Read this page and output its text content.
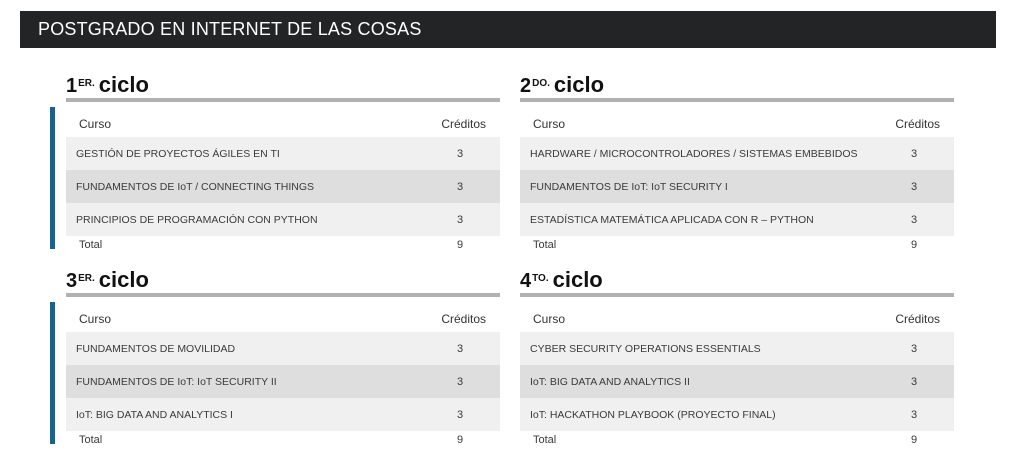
POSTGRADO EN INTERNET DE LAS COSAS
$1^{ER.}$ ciclo
Curso	Créditos
GESTIÓN DE PROYECTOS ÁGILES EN TI	3
FUNDAMENTOS DE IoT / CONNECTING THINGS	3
PRINCIPIOS DE PROGRAMACIÓN CON PYTHON	3
Total	9
$2^{DO.}$ ciclo
Curso	Créditos
HARDWARE / MICROCONTROLADORES / SISTEMAS EMBEBIDOS	3
FUNDAMENTOS DE IoT: IoT SECURITY I	3
ESTADÍSTICA MATEMÁTICA APLICADA CON R – PYTHON	3
Total	9
$3^{ER.}$ ciclo
Curso	Créditos
FUNDAMENTOS DE MOVILIDAD	3
FUNDAMENTOS DE IoT: IoT SECURITY II	3
IoT: BIG DATA AND ANALYTICS I	3
Total	9
$4^{TO.}$ ciclo
Curso	Créditos
CYBER SECURITY OPERATIONS ESSENTIALS	3
IoT: BIG DATA AND ANALYTICS II	3
IoT: HACKATHON PLAYBOOK (PROYECTO FINAL)	3
Total	9
